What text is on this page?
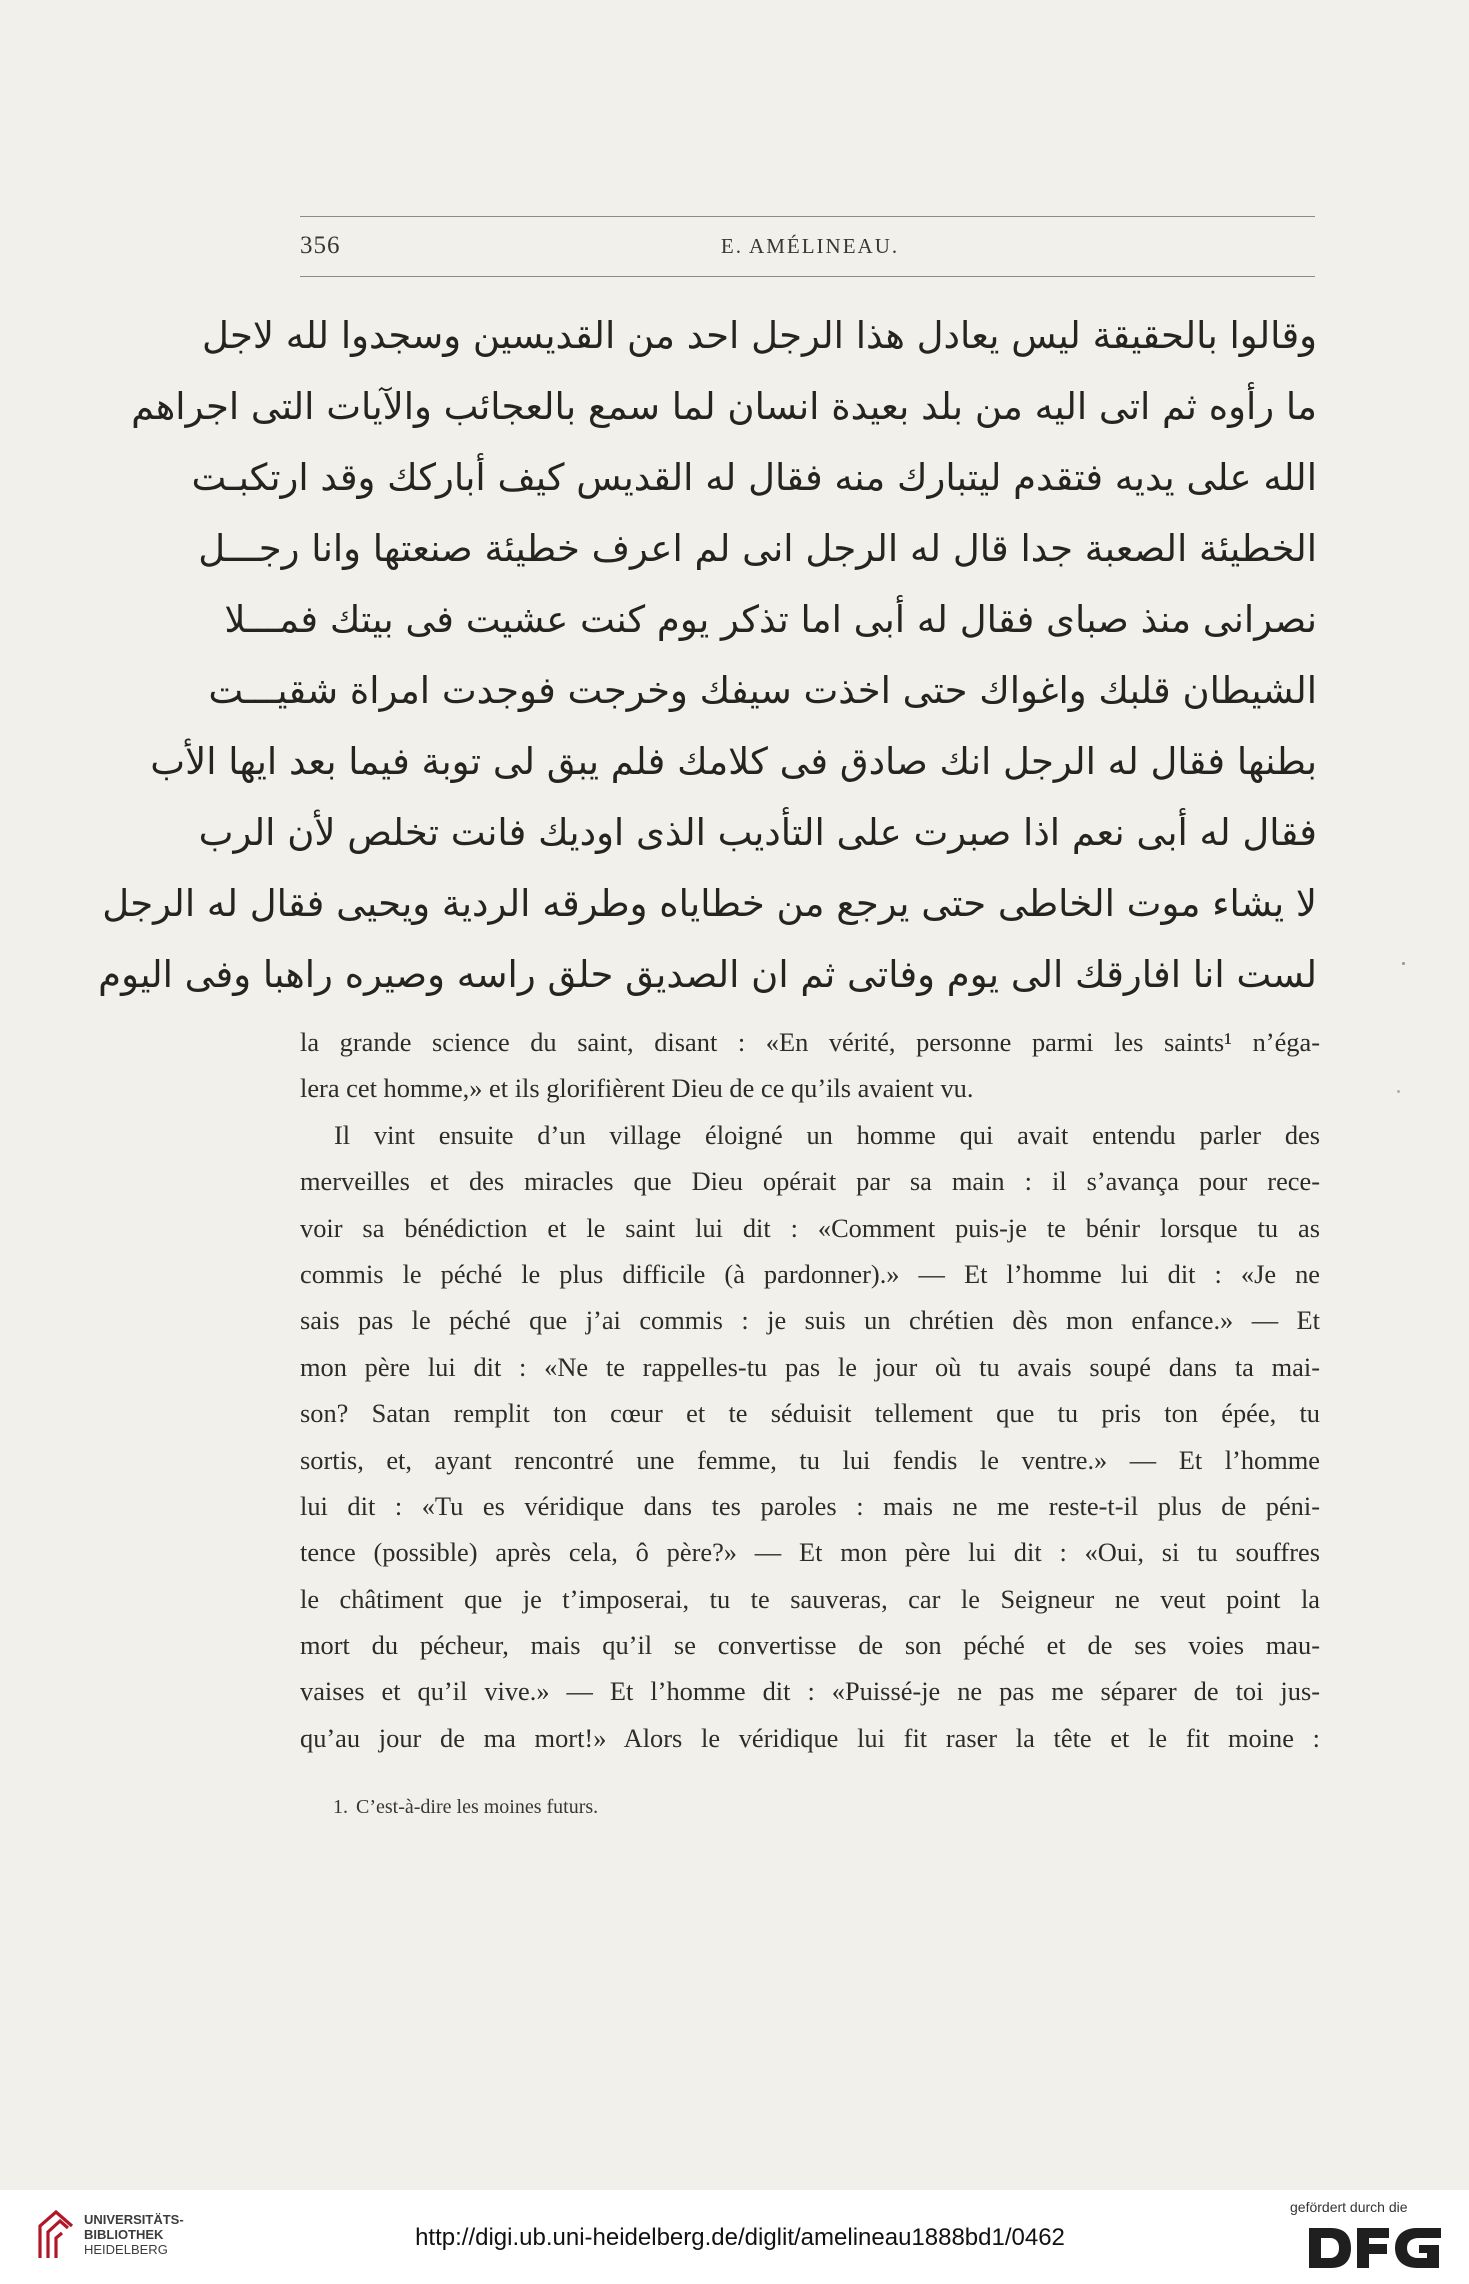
356	E. AMÉLINEAU.
وقالوا بالحقيقة ليس يعادل هذا الرجل احد من القديسين وسجدوا لله لاجل
ما رأوه ثم اتى اليه من بلد بعيدة انسان لما سمع بالعجائب والآيات التى اجراهم
الله على يديه فتقدم ليتبارك منه فقال له القديس كيف أباركك وقد ارتكبـت
الخطيئة الصعبة جدا قال له الرجل انى لم اعرف خطيئة صنعتها وانا رجـــل
نصرانى منذ صباى فقال له أبى اما تذكر يوم كنت عشيت فى بيتك فمـــلا
الشيطان قلبك واغواك حتى اخذت سيفك وخرجت فوجدت امراة شقيـــت
بطنها فقال له الرجل انك صادق فى كلامك فلم يبق لى توبة فيما بعد ايها الأب
فقال له أبى نعم اذا صبرت على التأديب الذى اوديك فانت تخلص لأن الرب
لا يشاء موت الخاطى حتى يرجع من خطاياه وطرقه الردية ويحيى فقال له الرجل
لست انا افارقك الى يوم وفاتى ثم ان الصديق حلق راسه وصيره راهبا وفى اليوم
la grande science du saint, disant : «En vérité, personne parmi les saints¹ n’éga-
lera cet homme,» et ils glorifièrent Dieu de ce qu’ils avaient vu.
Il vint ensuite d’un village éloigné un homme qui avait entendu parler des
merveilles et des miracles que Dieu opérait par sa main : il s’avança pour rece-
voir sa bénédiction et le saint lui dit : «Comment puis-je te bénir lorsque tu as
commis le péché le plus difficile (à pardonner).» — Et l’homme lui dit : «Je ne
sais pas le péché que j’ai commis : je suis un chrétien dès mon enfance.» — Et
mon père lui dit : «Ne te rappelles-tu pas le jour où tu avais soupé dans ta mai-
son? Satan remplit ton cœur et te séduisit tellement que tu pris ton épée, tu
sortis, et, ayant rencontré une femme, tu lui fendis le ventre.» — Et l’homme
lui dit : «Tu es véridique dans tes paroles : mais ne me reste-t-il plus de péni-
tence (possible) après cela, ô père?» — Et mon père lui dit : «Oui, si tu souffres
le châtiment que je t’imposerai, tu te sauveras, car le Seigneur ne veut point la
mort du pécheur, mais qu’il se convertisse de son péché et de ses voies mau-
vaises et qu’il vive.» — Et l’homme dit : «Puissé-je ne pas me séparer de toi jus-
qu’au jour de ma mort!» Alors le véridique lui fit raser la tête et le fit moine :
1. C’est-à-dire les moines futurs.
UNIVERSITÄTS-
BIBLIOTHEK
HEIDELBERG	http://digi.ub.uni-heidelberg.de/diglit/amelineau1888bd1/0462
gefördert durch die
